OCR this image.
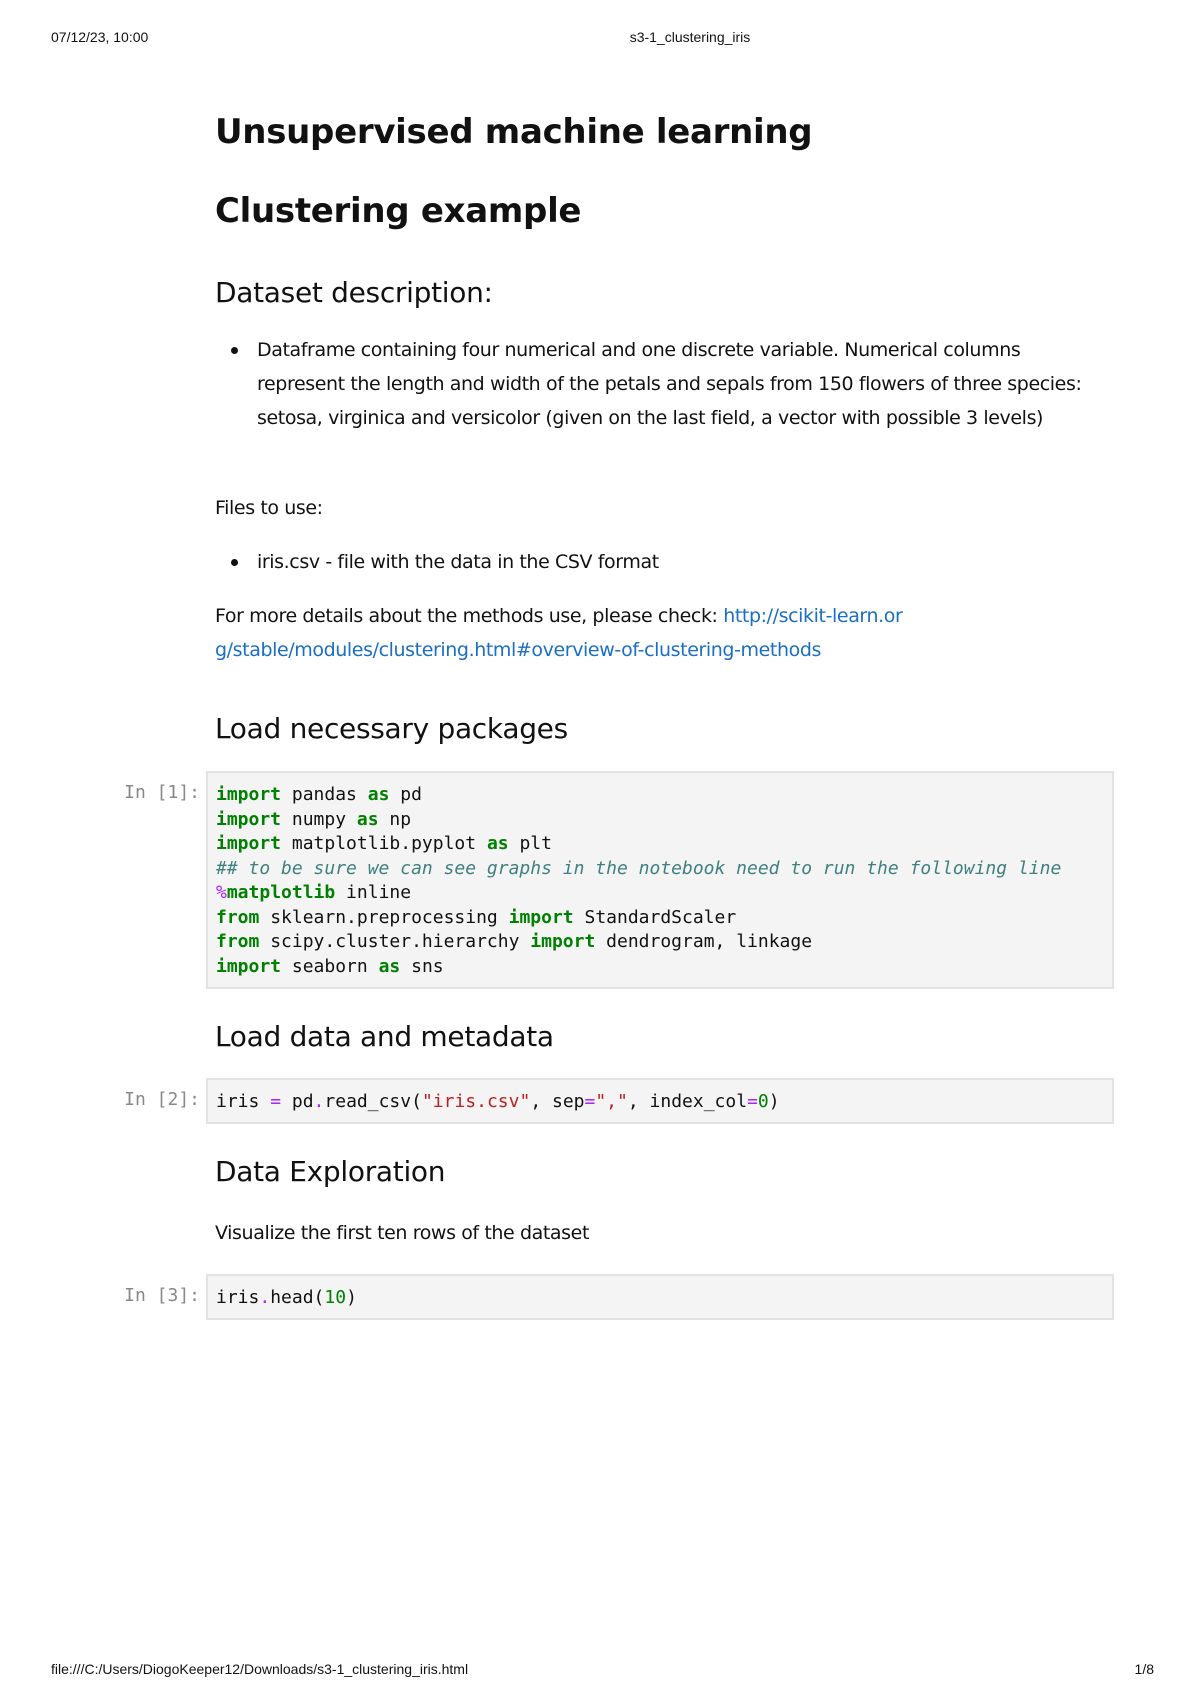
07/12/23, 10:00	s3-1_clustering_iris
Unsupervised machine learning
Clustering example
Dataset description:
Dataframe containing four numerical and one discrete variable. Numerical columns represent the length and width of the petals and sepals from 150 flowers of three species: setosa, virginica and versicolor (given on the last field, a vector with possible 3 levels)
Files to use:
iris.csv - file with the data in the CSV format
For more details about the methods use, please check: http://scikit-learn.org/stable/modules/clustering.html#overview-of-clustering-methods
Load necessary packages
In [1]: import pandas as pd
import numpy as np
import matplotlib.pyplot as plt
## to be sure we can see graphs in the notebook need to run the following line
%matplotlib inline
from sklearn.preprocessing import StandardScaler
from scipy.cluster.hierarchy import dendrogram, linkage
import seaborn as sns
Load data and metadata
In [2]: iris = pd.read_csv("iris.csv", sep=",", index_col=0)
Data Exploration
Visualize the first ten rows of the dataset
In [3]: iris.head(10)
file:///C:/Users/DiogoKeeper12/Downloads/s3-1_clustering_iris.html	1/8
